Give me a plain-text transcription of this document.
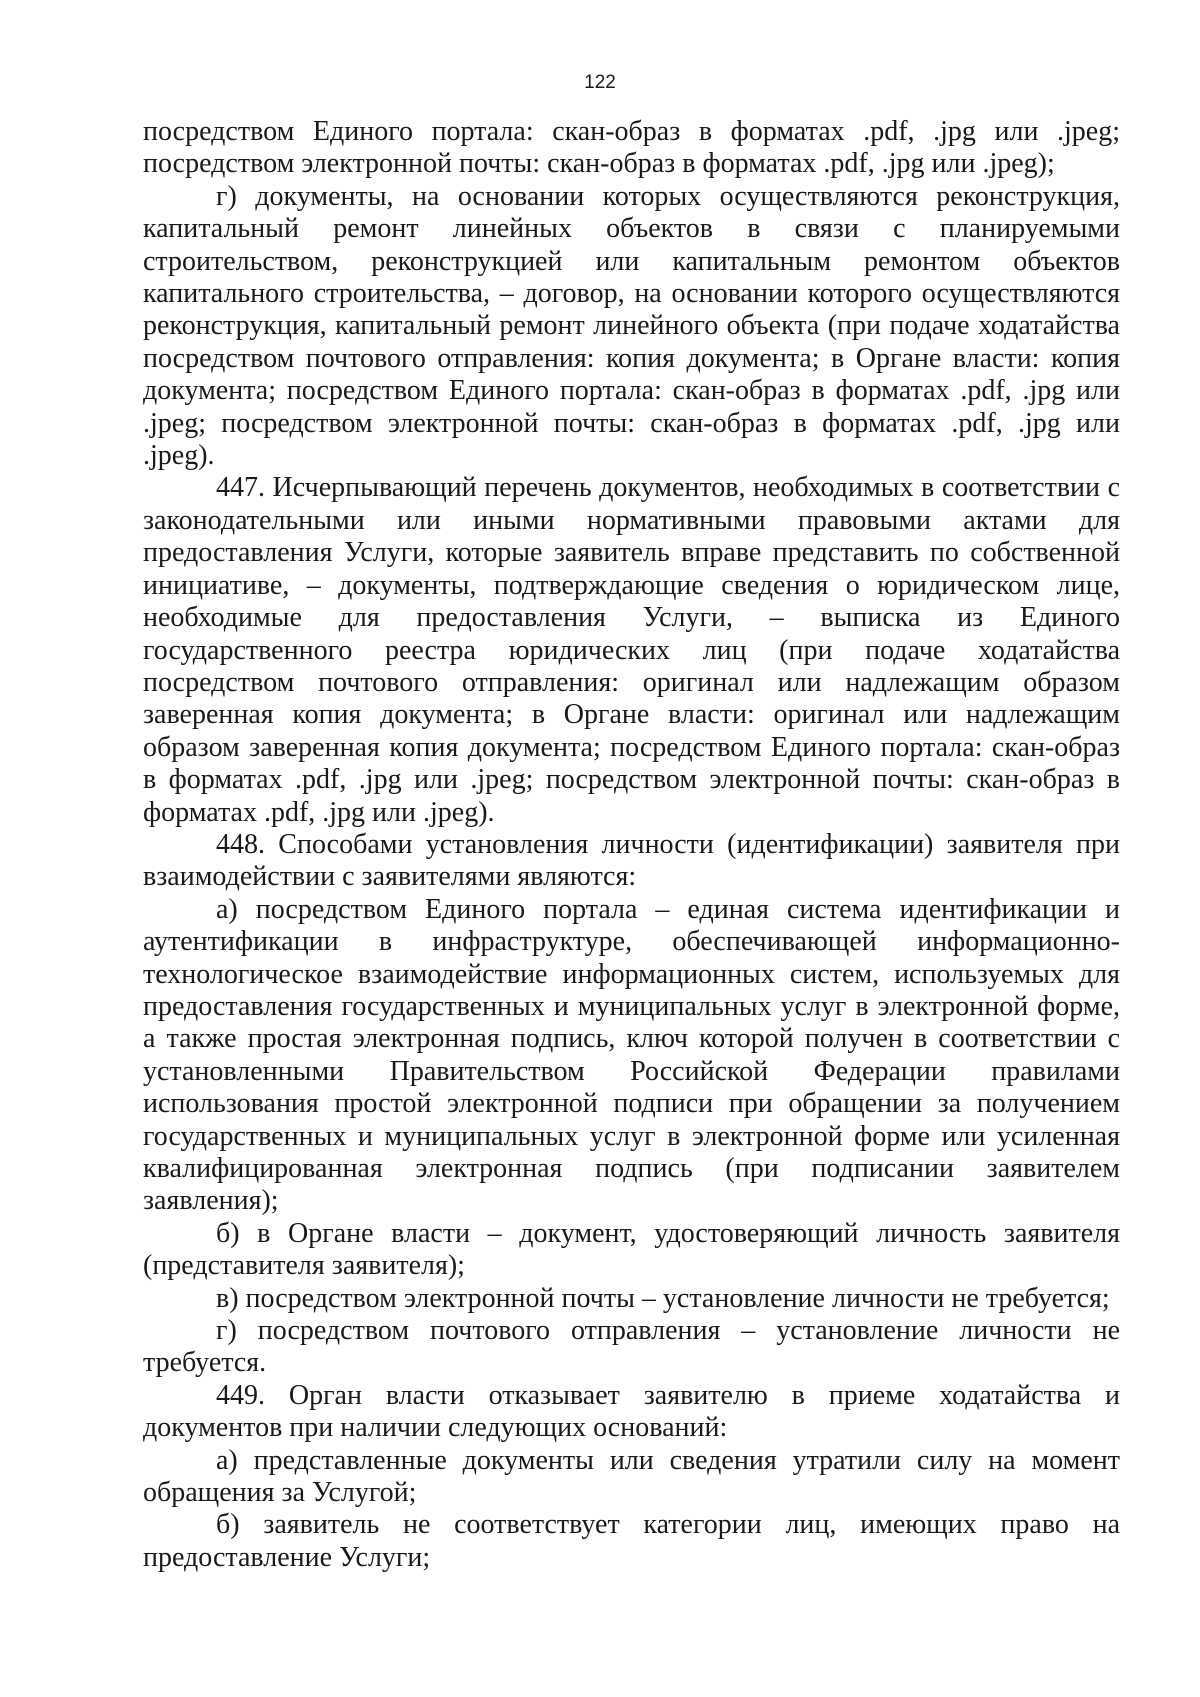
122

посредством Единого портала: скан-образ в форматах .pdf, .jpg или .jpeg; посредством электронной почты: скан-образ в форматах .pdf, .jpg или .jpeg);

г) документы, на основании которых осуществляются реконструкция, капитальный ремонт линейных объектов в связи с планируемыми строительством, реконструкцией или капитальным ремонтом объектов капитального строительства, – договор, на основании которого осуществляются реконструкция, капитальный ремонт линейного объекта (при подаче ходатайства посредством почтового отправления: копия документа; в Органе власти: копия документа; посредством Единого портала: скан-образ в форматах .pdf, .jpg или .jpeg; посредством электронной почты: скан-образ в форматах .pdf, .jpg или .jpeg).

447. Исчерпывающий перечень документов, необходимых в соответствии с законодательными или иными нормативными правовыми актами для предоставления Услуги, которые заявитель вправе представить по собственной инициативе, – документы, подтверждающие сведения о юридическом лице, необходимые для предоставления Услуги, – выписка из Единого государственного реестра юридических лиц (при подаче ходатайства посредством почтового отправления: оригинал или надлежащим образом заверенная копия документа; в Органе власти: оригинал или надлежащим образом заверенная копия документа; посредством Единого портала: скан-образ в форматах .pdf, .jpg или .jpeg; посредством электронной почты: скан-образ в форматах .pdf, .jpg или .jpeg).

448. Способами установления личности (идентификации) заявителя при взаимодействии с заявителями являются:

а) посредством Единого портала – единая система идентификации и аутентификации в инфраструктуре, обеспечивающей информационно-технологическое взаимодействие информационных систем, используемых для предоставления государственных и муниципальных услуг в электронной форме, а также простая электронная подпись, ключ которой получен в соответствии с установленными Правительством Российской Федерации правилами использования простой электронной подписи при обращении за получением государственных и муниципальных услуг в электронной форме или усиленная квалифицированная электронная подпись (при подписании заявителем заявления);

б) в Органе власти – документ, удостоверяющий личность заявителя (представителя заявителя);

в) посредством электронной почты – установление личности не требуется;

г) посредством почтового отправления – установление личности не требуется.

449. Орган власти отказывает заявителю в приеме ходатайства и документов при наличии следующих оснований:

а) представленные документы или сведения утратили силу на момент обращения за Услугой;

б) заявитель не соответствует категории лиц, имеющих право на предоставление Услуги;
